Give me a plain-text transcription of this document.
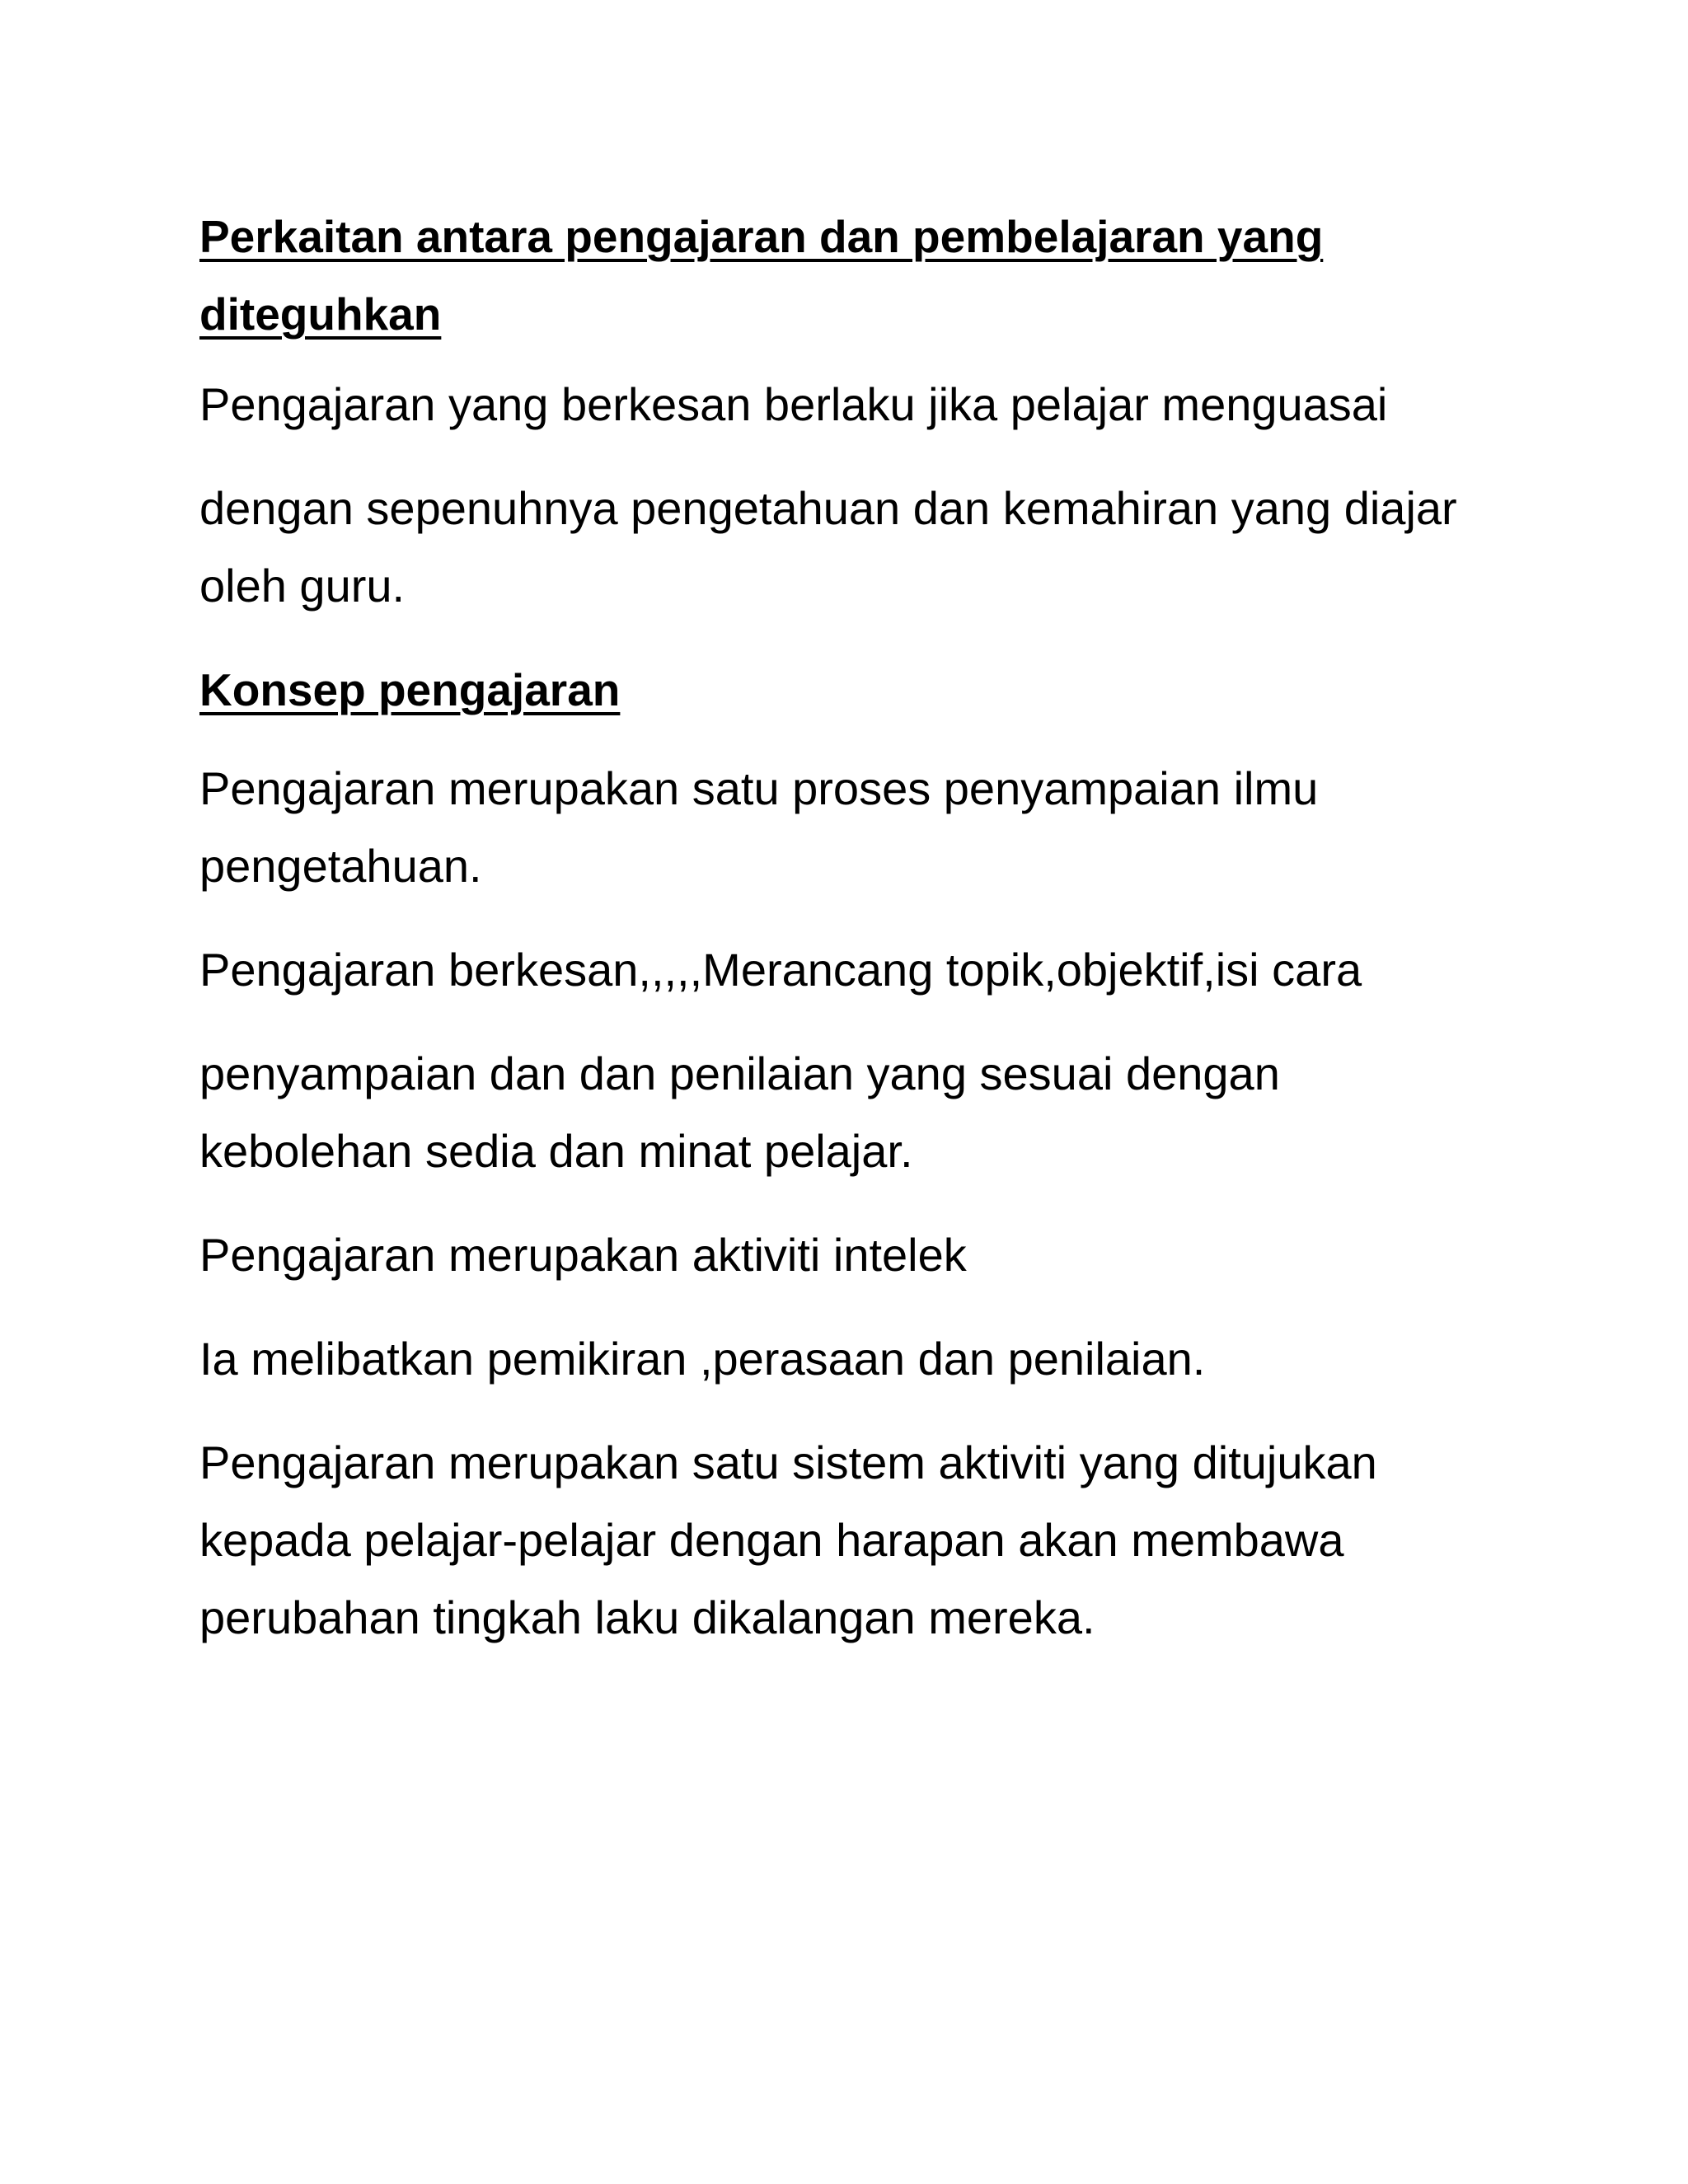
Perkaitan antara pengajaran dan pembelajaran yang diteguhkan

Pengajaran yang berkesan berlaku jika pelajar menguasai

dengan sepenuhnya pengetahuan dan kemahiran yang diajar oleh guru.

Konsep pengajaran

Pengajaran merupakan satu proses penyampaian ilmu pengetahuan.

Pengajaran berkesan,,,,,Merancang topik,objektif,isi cara

penyampaian dan dan penilaian yang sesuai dengan kebolehan sedia dan minat pelajar.

Pengajaran merupakan aktiviti intelek

Ia melibatkan pemikiran ,perasaan dan penilaian.

Pengajaran merupakan satu sistem aktiviti yang ditujukan kepada pelajar-pelajar dengan harapan akan membawa perubahan tingkah laku dikalangan mereka.
